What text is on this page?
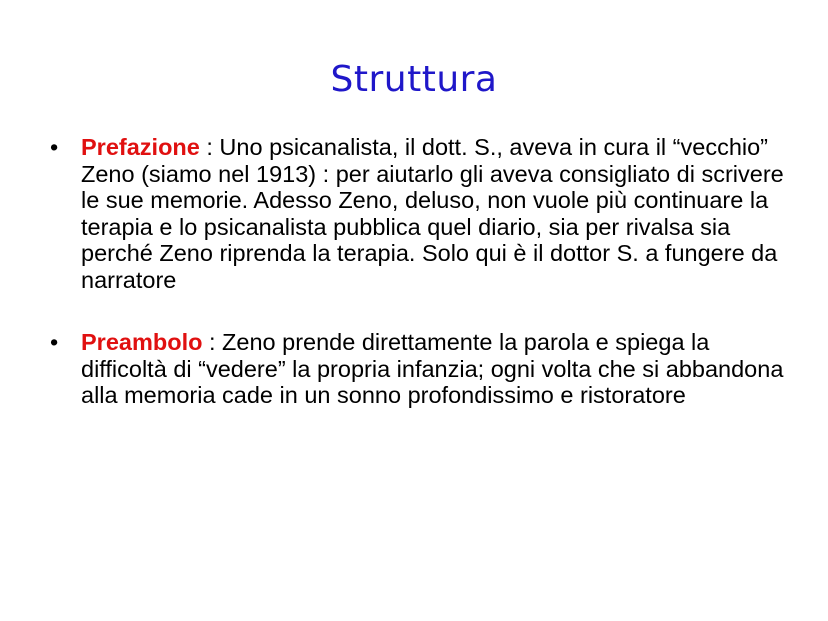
Struttura
• Prefazione : Uno psicanalista, il dott. S., aveva in cura il “vecchio” Zeno (siamo nel 1913) : per aiutarlo gli aveva consigliato di scrivere le sue memorie. Adesso Zeno, deluso, non vuole più continuare la terapia e lo psicanalista pubblica quel diario, sia per rivalsa sia perché Zeno riprenda la terapia. Solo qui è il dottor S. a fungere da narratore
• Preambolo : Zeno prende direttamente la parola e spiega la difficoltà di “vedere” la propria infanzia; ogni volta che si abbandona alla memoria cade in un sonno profondissimo e ristoratore
